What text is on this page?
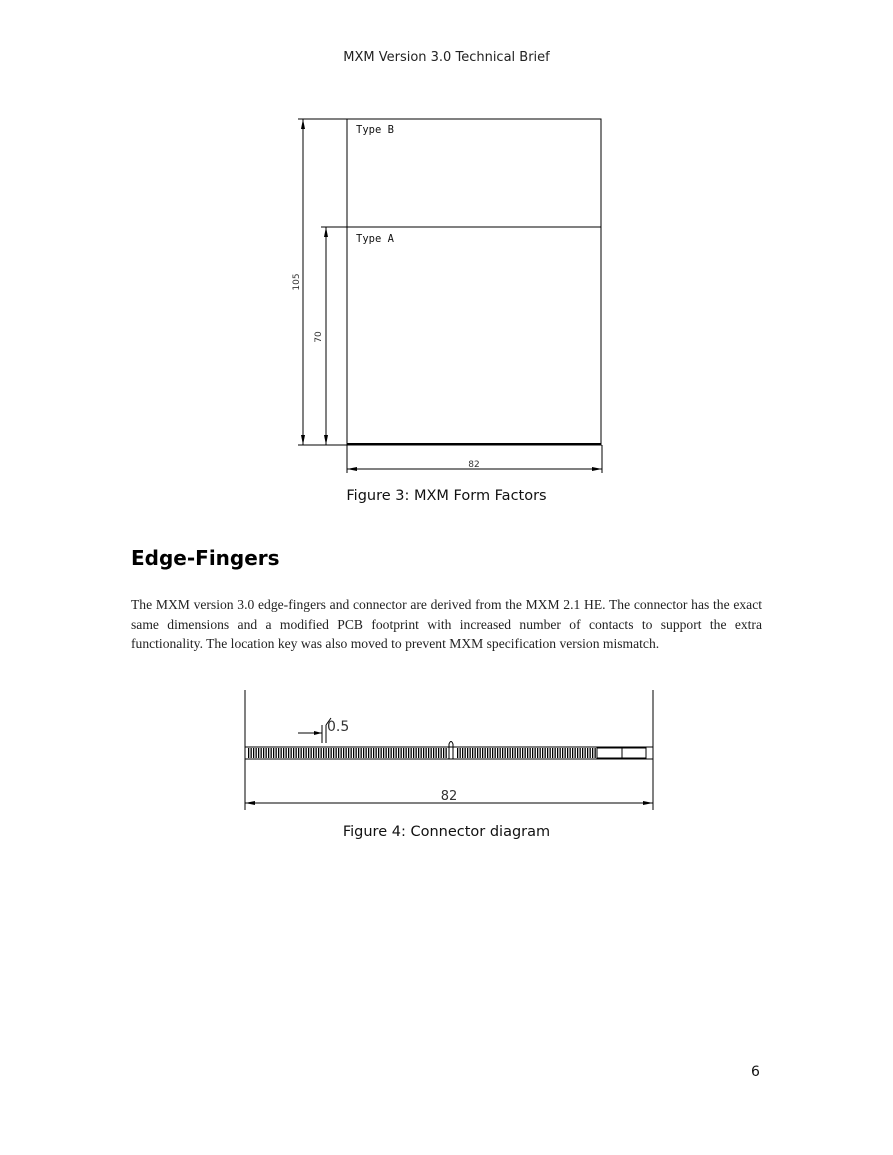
MXM Version 3.0 Technical Brief
Type B
Type A
105
70
82
Figure 3: MXM Form Factors
Edge-Fingers

The MXM version 3.0 edge-fingers and connector are derived from the MXM 2.1 HE. The connector has the exact same dimensions and a modified PCB footprint with increased number of contacts to support the extra functionality. The location key was also moved to prevent MXM specification version mismatch.

0.5
82
Figure 4: Connector diagram
6
